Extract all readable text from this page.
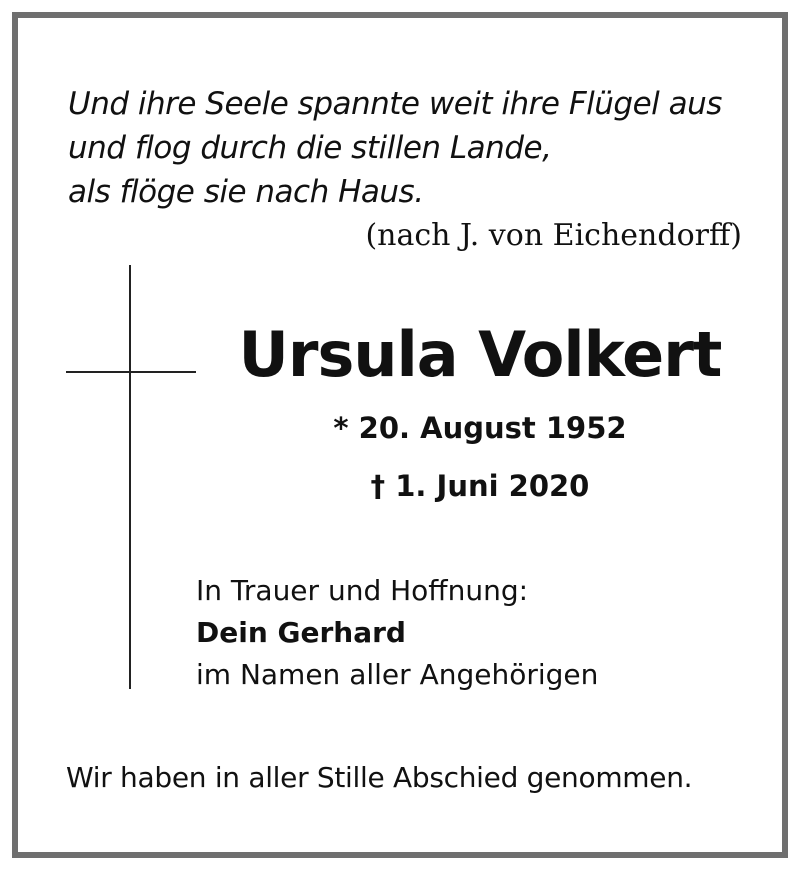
Und ihre Seele spannte weit ihre Flügel aus
und flog durch die stillen Lande,
als flöge sie nach Haus.
(nach J. von Eichendorff)
Ursula Volkert
* 20. August 1952
† 1. Juni 2020
In Trauer und Hoffnung:
Dein Gerhard
im Namen aller Angehörigen
Wir haben in aller Stille Abschied genommen.
